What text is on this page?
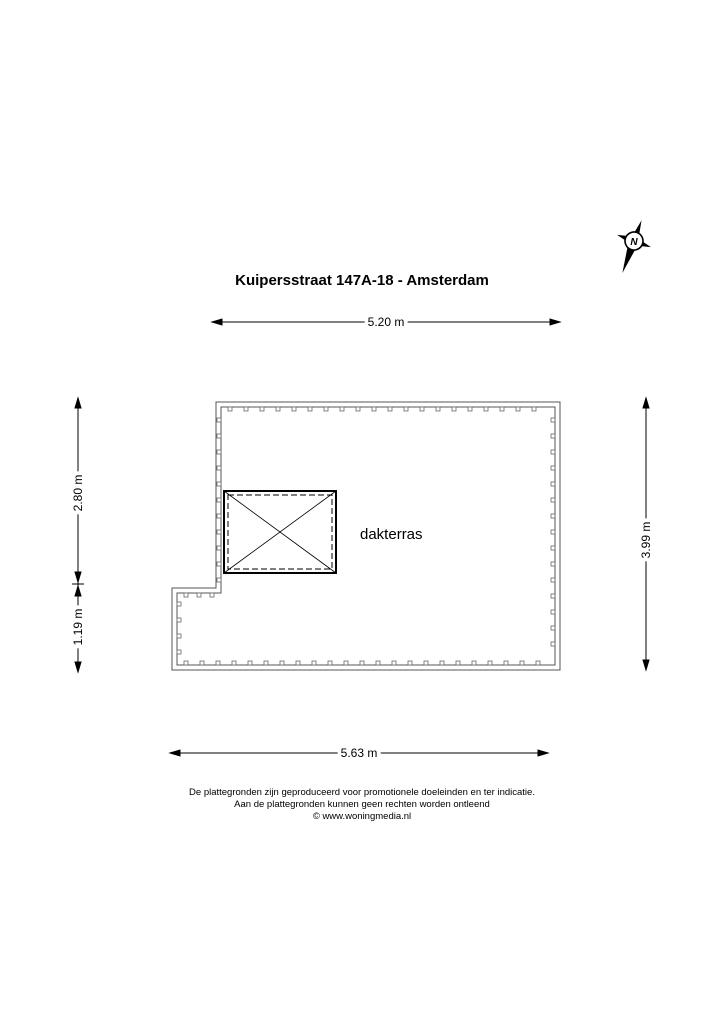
N
Kuipersstraat 147A-18 - Amsterdam
dakterras
5.20 m
5.63 m
2.80 m
1.19 m
3.99 m
De plattegronden zijn geproduceerd voor promotionele doeleinden en ter indicatie.
Aan de plattegronden kunnen geen rechten worden ontleend
© www.woningmedia.nl
